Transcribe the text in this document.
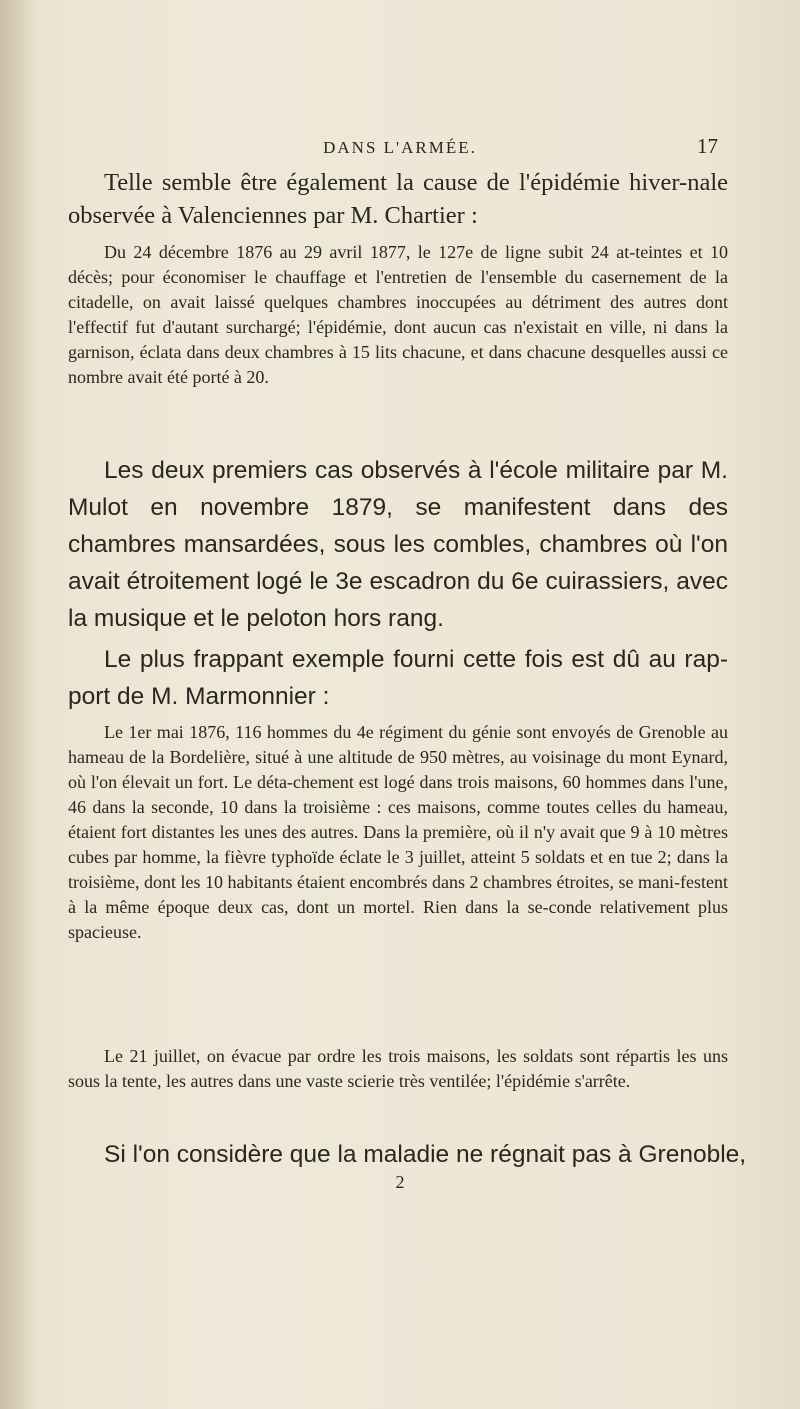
DANS L'ARMÉE.	17

Telle semble être également la cause de l'épidémie hiver-nale observée à Valenciennes par M. Chartier :

Du 24 décembre 1876 au 29 avril 1877, le 127e de ligne subit 24 at-teintes et 10 décès; pour économiser le chauffage et l'entretien de l'ensemble du casernement de la citadelle, on avait laissé quelques chambres inoccupées au détriment des autres dont l'effectif fut d'autant surchargé; l'épidémie, dont aucun cas n'existait en ville, ni dans la garnison, éclata dans deux chambres à 15 lits chacune, et dans chacune desquelles aussi ce nombre avait été porté à 20.

Les deux premiers cas observés à l'école militaire par M. Mulot en novembre 1879, se manifestent dans des chambres mansardées, sous les combles, chambres où l'on avait étroitement logé le 3e escadron du 6e cuirassiers, avec la musique et le peloton hors rang.

Le plus frappant exemple fourni cette fois est dû au rap-port de M. Marmonnier :

Le 1er mai 1876, 116 hommes du 4e régiment du génie sont envoyés de Grenoble au hameau de la Bordelière, situé à une altitude de 950 mètres, au voisinage du mont Eynard, où l'on élevait un fort. Le déta-chement est logé dans trois maisons, 60 hommes dans l'une, 46 dans la seconde, 10 dans la troisième : ces maisons, comme toutes celles du hameau, étaient fort distantes les unes des autres. Dans la première, où il n'y avait que 9 à 10 mètres cubes par homme, la fièvre typhoïde éclate le 3 juillet, atteint 5 soldats et en tue 2; dans la troisième, dont les 10 habitants étaient encombrés dans 2 chambres étroites, se mani-festent à la même époque deux cas, dont un mortel. Rien dans la se-conde relativement plus spacieuse.

Le 21 juillet, on évacue par ordre les trois maisons, les soldats sont répartis les uns sous la tente, les autres dans une vaste scierie très ventilée; l'épidémie s'arrête.

Si l'on considère que la maladie ne régnait pas à Grenoble,

2
